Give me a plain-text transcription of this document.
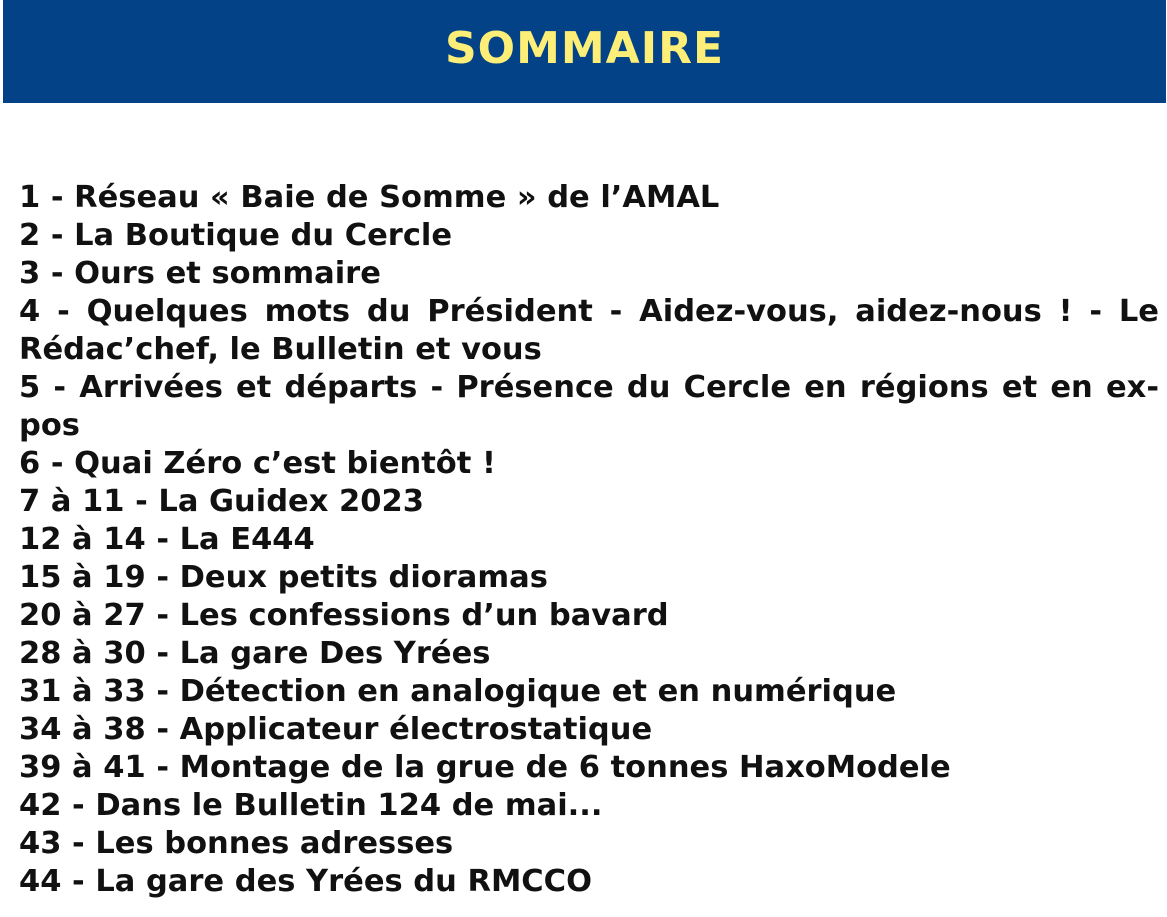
SOMMAIRE
1 - Réseau « Baie de Somme » de l’AMAL
2 - La Boutique du Cercle
3 - Ours et sommaire
4 - Quelques mots du Président - Aidez-vous, aidez-nous ! - Le Rédac’chef, le Bulletin et vous
5 - Arrivées et départs - Présence du Cercle en régions et en expos
6 - Quai Zéro c’est bientôt !
7 à 11 - La Guidex 2023
12 à 14 - La E444
15 à 19 - Deux petits dioramas
20 à 27 - Les confessions d’un bavard
28 à 30 - La gare Des Yrées
31 à 33 - Détection en analogique et en numérique
34 à 38 - Applicateur électrostatique
39 à 41 - Montage de la grue de 6 tonnes HaxoModele
42 - Dans le Bulletin 124 de mai...
43 - Les bonnes adresses
44 - La gare des Yrées du RMCCO
